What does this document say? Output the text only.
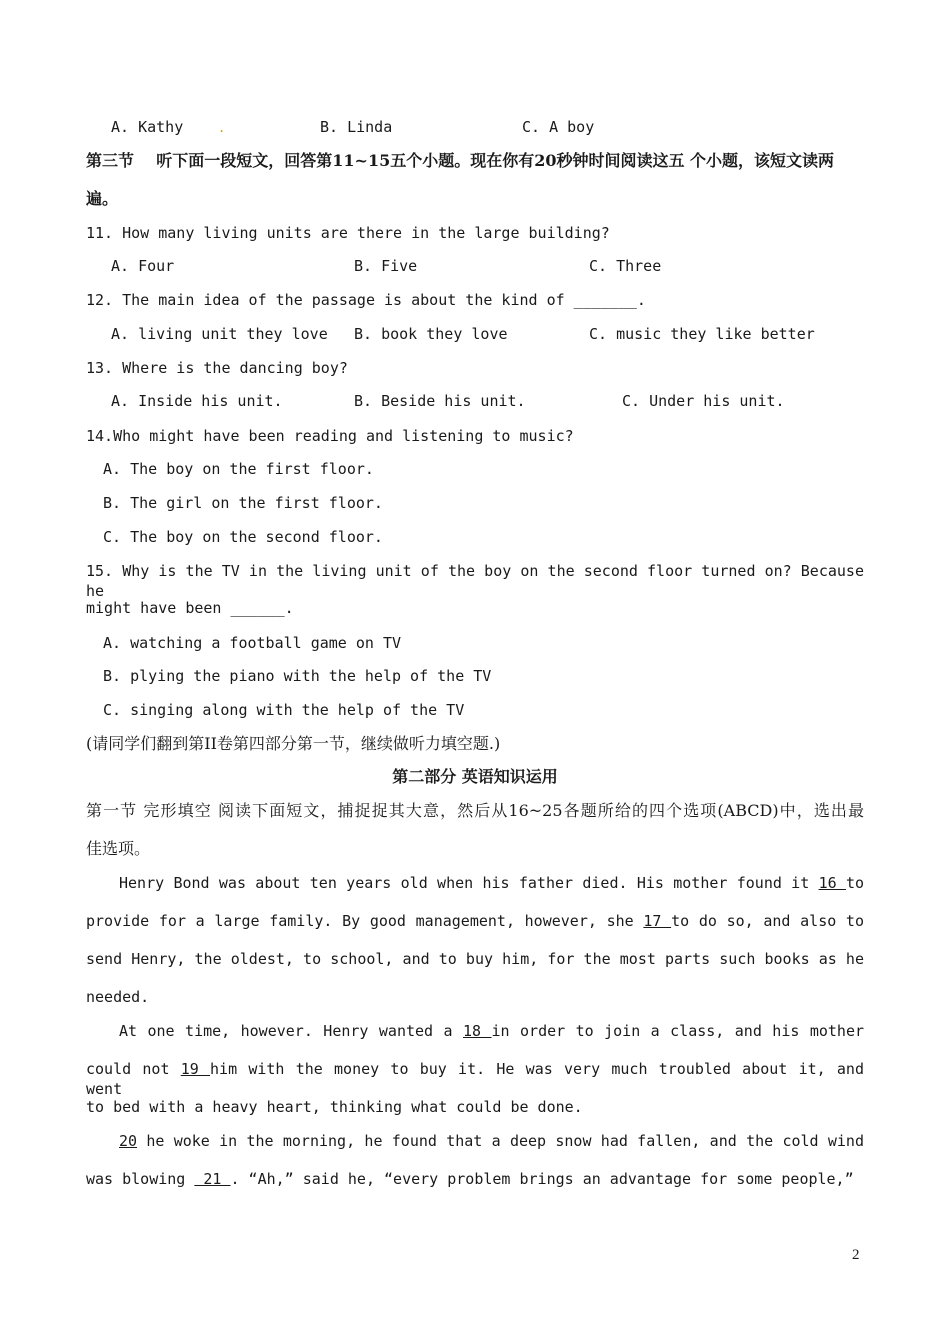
A. Kathy	.	B. Linda	C. A boy
第三节    听下面一段短文，回答第11~15五个小题。现在你有20秒钟时间阅读这五 个小题，该短文读两
遍。
11. How many living units are there in the large building?
A. Four	B. Five	C. Three
12. The main idea of the passage is about the kind of _______.
A. living unit they love B. book they love	C. music they like better
13. Where is the dancing boy?
A. Inside his unit.	B. Beside his unit.	C. Under his unit.
14.Who might have been reading and listening to music?
A. The boy on the first floor.
B. The girl on the first floor.
C. The boy on the second floor.
15. Why is the TV in the living unit of the boy on the second floor turned on? Because he
might have been ______.
A. watching a football game on TV
B. plying the piano with the help of the TV
C. singing along with the help of the TV
(请同学们翻到第II卷第四部分第一节，继续做听力填空题.)
第二部分 英语知识运用
第一节 完形填空 阅读下面短文，捕捉捉其大意，然后从16~25各题所给的四个选项(ABCD)中，选出最
佳选项。
Henry Bond was about ten years old when his father died. His mother found it 16 to
provide for a large family. By good management, however, she 17 to do so, and also to
send Henry, the oldest, to school, and to buy him, for the most parts such books as he
needed.
At one time, however. Henry wanted a 18 in order to join a class, and his mother
could not 19 him with the money to buy it. He was very much troubled about it, and went
to bed with a heavy heart, thinking what could be done.
20 he woke in the morning, he found that a deep snow had fallen, and the cold wind
was blowing  21 . “Ah,” said he, “every problem brings an advantage for some people,”
2
